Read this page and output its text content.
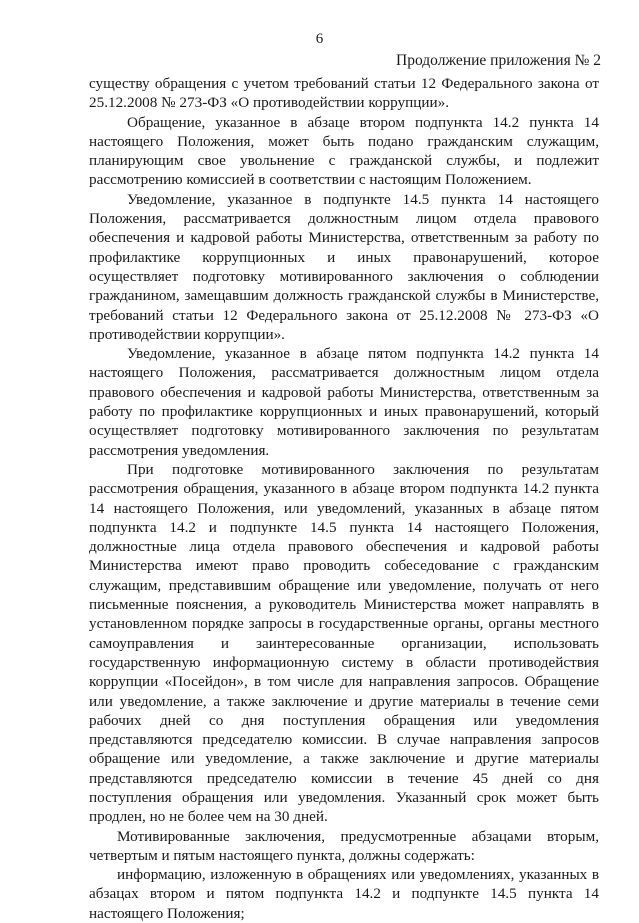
6
Продолжение приложения № 2

существу обращения с учетом требований статьи 12 Федерального закона от 25.12.2008 № 273-ФЗ «О противодействии коррупции».

Обращение, указанное в абзаце втором подпункта 14.2 пункта 14 настоящего Положения, может быть подано гражданским служащим, планирующим свое увольнение с гражданской службы, и подлежит рассмотрению комиссией в соответствии с настоящим Положением.

Уведомление, указанное в подпункте 14.5 пункта 14 настоящего Положения, рассматривается должностным лицом отдела правового обеспечения и кадровой работы Министерства, ответственным за работу по профилактике коррупционных и иных правонарушений, которое осуществляет подготовку мотивированного заключения о соблюдении гражданином, замещавшим должность гражданской службы в Министерстве, требований статьи 12 Федерального закона от 25.12.2008 № 273-ФЗ «О противодействии коррупции».

Уведомление, указанное в абзаце пятом подпункта 14.2 пункта 14 настоящего Положения, рассматривается должностным лицом отдела правового обеспечения и кадровой работы Министерства, ответственным за работу по профилактике коррупционных и иных правонарушений, который осуществляет подготовку мотивированного заключения по результатам рассмотрения уведомления.

При подготовке мотивированного заключения по результатам рассмотрения обращения, указанного в абзаце втором подпункта 14.2 пункта 14 настоящего Положения, или уведомлений, указанных в абзаце пятом подпункта 14.2 и подпункте 14.5 пункта 14 настоящего Положения, должностные лица отдела правового обеспечения и кадровой работы Министерства имеют право проводить собеседование с гражданским служащим, представившим обращение или уведомление, получать от него письменные пояснения, а руководитель Министерства может направлять в установленном порядке запросы в государственные органы, органы местного самоуправления и заинтересованные организации, использовать государственную информационную систему в области противодействия коррупции «Посейдон», в том числе для направления запросов. Обращение или уведомление, а также заключение и другие материалы в течение семи рабочих дней со дня поступления обращения или уведомления представляются председателю комиссии. В случае направления запросов обращение или уведомление, а также заключение и другие материалы представляются председателю комиссии в течение 45 дней со дня поступления обращения или уведомления. Указанный срок может быть продлен, но не более чем на 30 дней.

Мотивированные заключения, предусмотренные абзацами вторым, четвертым и пятым настоящего пункта, должны содержать:

информацию, изложенную в обращениях или уведомлениях, указанных в абзацах втором и пятом подпункта 14.2 и подпункте 14.5 пункта 14 настоящего Положения;
